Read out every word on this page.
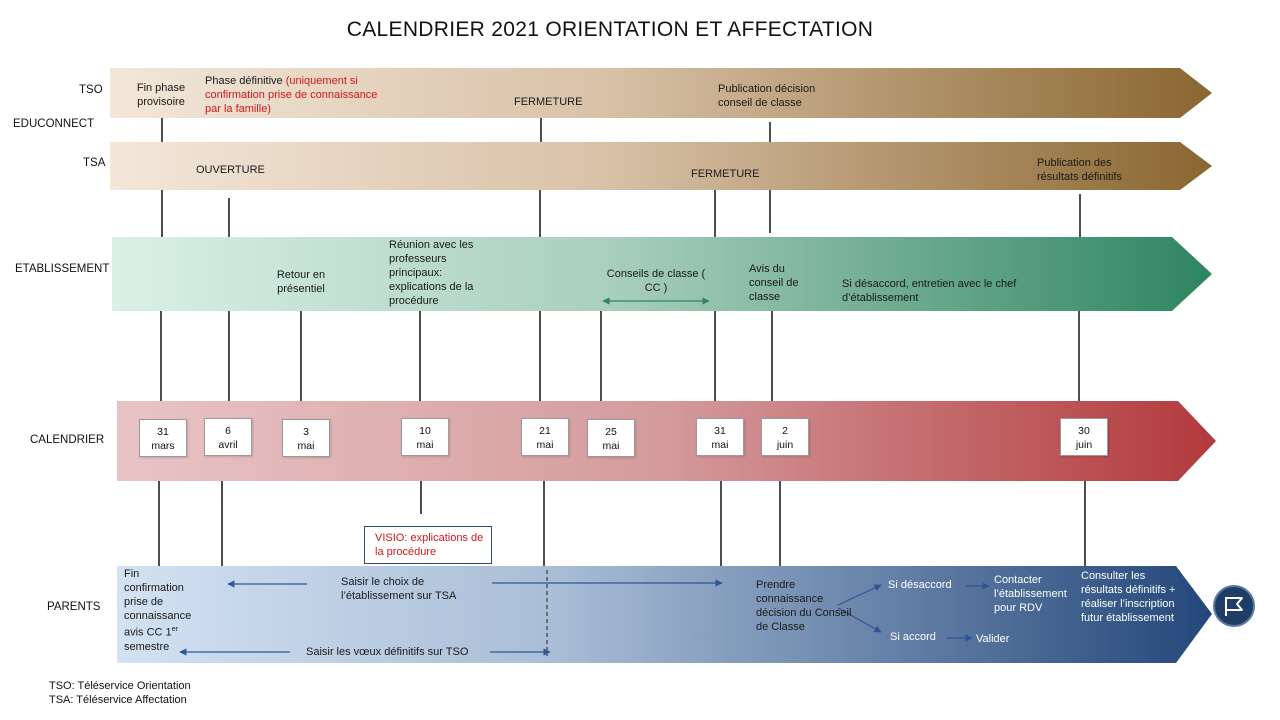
CALENDRIER 2021 ORIENTATION ET AFFECTATION
TSO
EDUCONNECT
TSA
ETABLISSEMENT
CALENDRIER
PARENTS
Fin phase provisoire
Phase définitive (uniquement si confirmation prise de connaissance par la famille)
FERMETURE
Publication décision conseil de classe
OUVERTURE	FERMETURE
Publication des résultats définitifs
Retour en présentiel
Réunion avec les professeurs principaux: explications de la procédure
Conseils de classe ( CC )
Avis du conseil de classe
Si désaccord, entretien avec le chef d’établissement
31
mars
6
avril
3
mai
10
mai
21
mai
25
mai
31
mai
2
juin
30
juin
VISIO: explications de la procédure
Fin confirmation prise de connaissance avis CC 1er semestre
Saisir le choix de l’établissement sur TSA
Saisir les vœux définitifs sur TSO
Prendre connaissance décision du Conseil de Classe
Si désaccord	Contacter l’établissement pour RDV
Si accord	Valider
Consulter les résultats définitifs + réaliser l’inscription futur établissement
TSO: Téléservice Orientation
TSA: Téléservice Affectation
